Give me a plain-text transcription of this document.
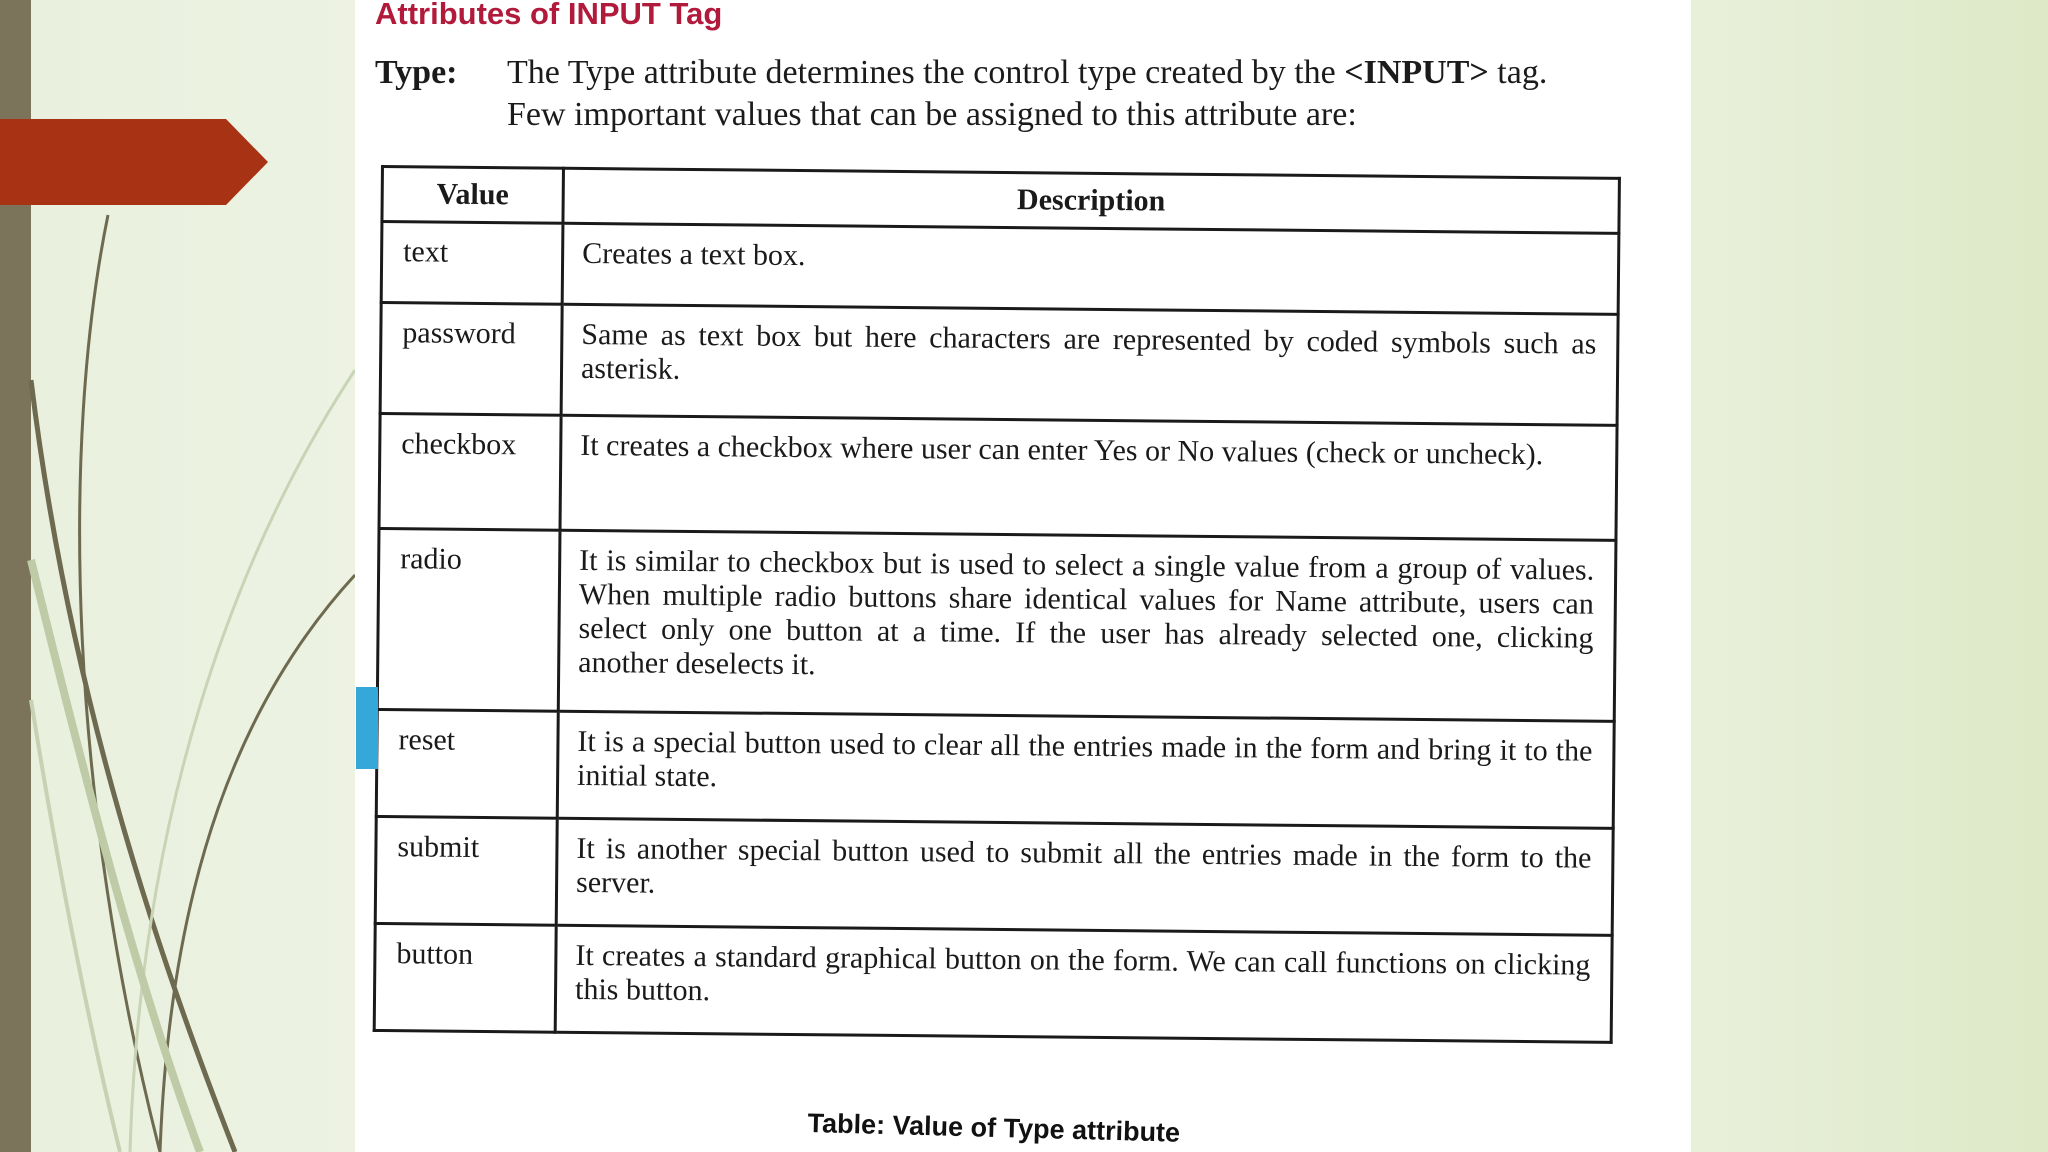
Attributes of INPUT Tag
Type: The Type attribute determines the control type created by the <INPUT> tag. Few important values that can be assigned to this attribute are:
Value	Description
text	Creates a text box.
password	Same as text box but here characters are represented by coded symbols such as asterisk.
checkbox	It creates a checkbox where user can enter Yes or No values (check or uncheck).
radio	It is similar to checkbox but is used to select a single value from a group of values. When multiple radio buttons share identical values for Name attribute, users can select only one button at a time. If the user has already selected one, clicking another deselects it.
reset	It is a special button used to clear all the entries made in the form and bring it to the initial state.
submit	It is another special button used to submit all the entries made in the form to the server.
button	It creates a standard graphical button on the form. We can call functions on clicking this button.
Table: Value of Type attribute
